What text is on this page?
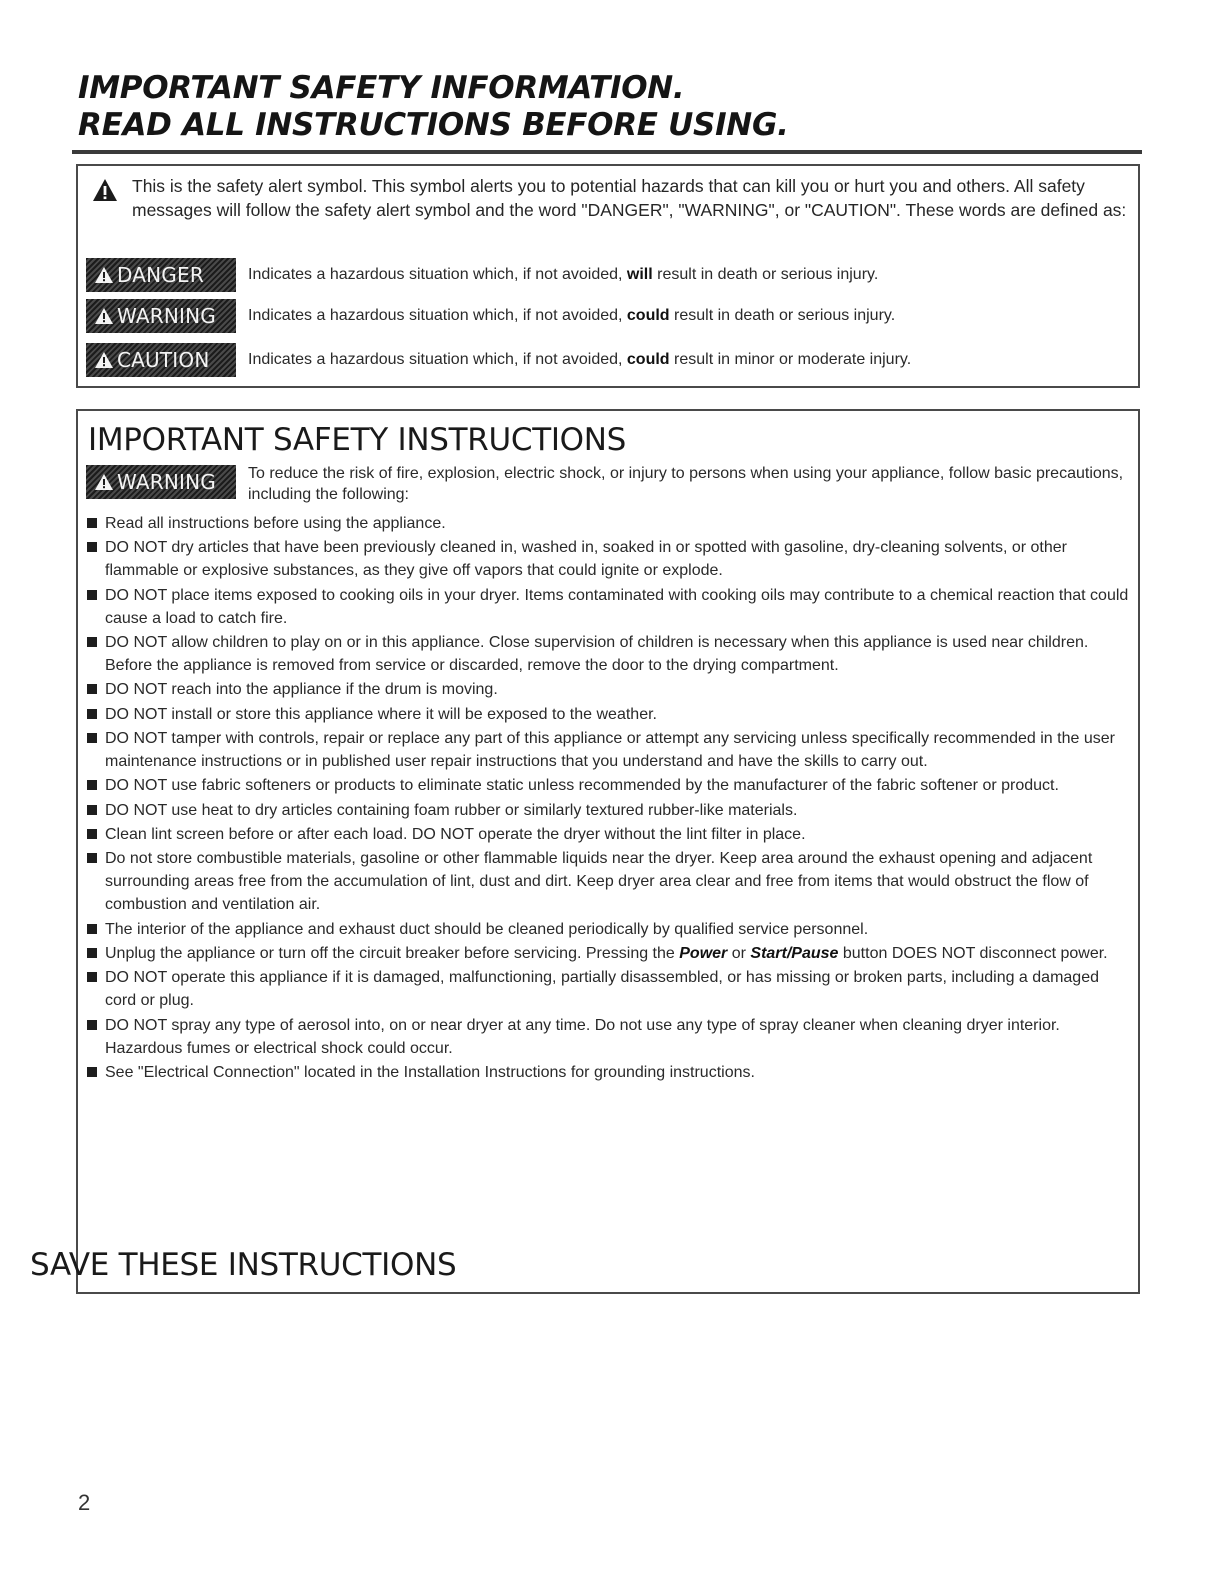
IMPORTANT SAFETY INFORMATION.
READ ALL INSTRUCTIONS BEFORE USING.
This is the safety alert symbol. This symbol alerts you to potential hazards that can kill you or hurt you and others. All safety messages will follow the safety alert symbol and the word "DANGER", "WARNING", or "CAUTION". These words are defined as:
DANGER	Indicates a hazardous situation which, if not avoided, will result in death or serious injury.
WARNING Indicates a hazardous situation which, if not avoided, could result in death or serious injury.
CAUTION Indicates a hazardous situation which, if not avoided, could result in minor or moderate injury.
IMPORTANT SAFETY INSTRUCTIONS
WARNING To reduce the risk of fire, explosion, electric shock, or injury to persons when using your appliance, follow basic precautions, including the following:
Read all instructions before using the appliance.
DO NOT dry articles that have been previously cleaned in, washed in, soaked in or spotted with gasoline, dry-cleaning solvents, or other flammable or explosive substances, as they give off vapors that could ignite or explode.
DO NOT place items exposed to cooking oils in your dryer. Items contaminated with cooking oils may contribute to a chemical reaction that could cause a load to catch fire.
DO NOT allow children to play on or in this appliance. Close supervision of children is necessary when this appliance is used near children. Before the appliance is removed from service or discarded, remove the door to the drying compartment.
DO NOT reach into the appliance if the drum is moving.
DO NOT install or store this appliance where it will be exposed to the weather.
DO NOT tamper with controls, repair or replace any part of this appliance or attempt any servicing unless specifically recommended in the user maintenance instructions or in published user repair instructions that you understand and have the skills to carry out.
DO NOT use fabric softeners or products to eliminate static unless recommended by the manufacturer of the fabric softener or product.
DO NOT use heat to dry articles containing foam rubber or similarly textured rubber-like materials.
Clean lint screen before or after each load. DO NOT operate the dryer without the lint filter in place.
Do not store combustible materials, gasoline or other flammable liquids near the dryer. Keep area around the exhaust opening and adjacent surrounding areas free from the accumulation of lint, dust and dirt. Keep dryer area clear and free from items that would obstruct the flow of combustion and ventilation air.
The interior of the appliance and exhaust duct should be cleaned periodically by qualified service personnel.
Unplug the appliance or turn off the circuit breaker before servicing. Pressing the Power or Start/Pause button DOES NOT disconnect power.
DO NOT operate this appliance if it is damaged, malfunctioning, partially disassembled, or has missing or broken parts, including a damaged cord or plug.
DO NOT spray any type of aerosol into, on or near dryer at any time. Do not use any type of spray cleaner when cleaning dryer interior. Hazardous fumes or electrical shock could occur.
See "Electrical Connection" located in the Installation Instructions for grounding instructions.
SAVE THESE INSTRUCTIONS
2
